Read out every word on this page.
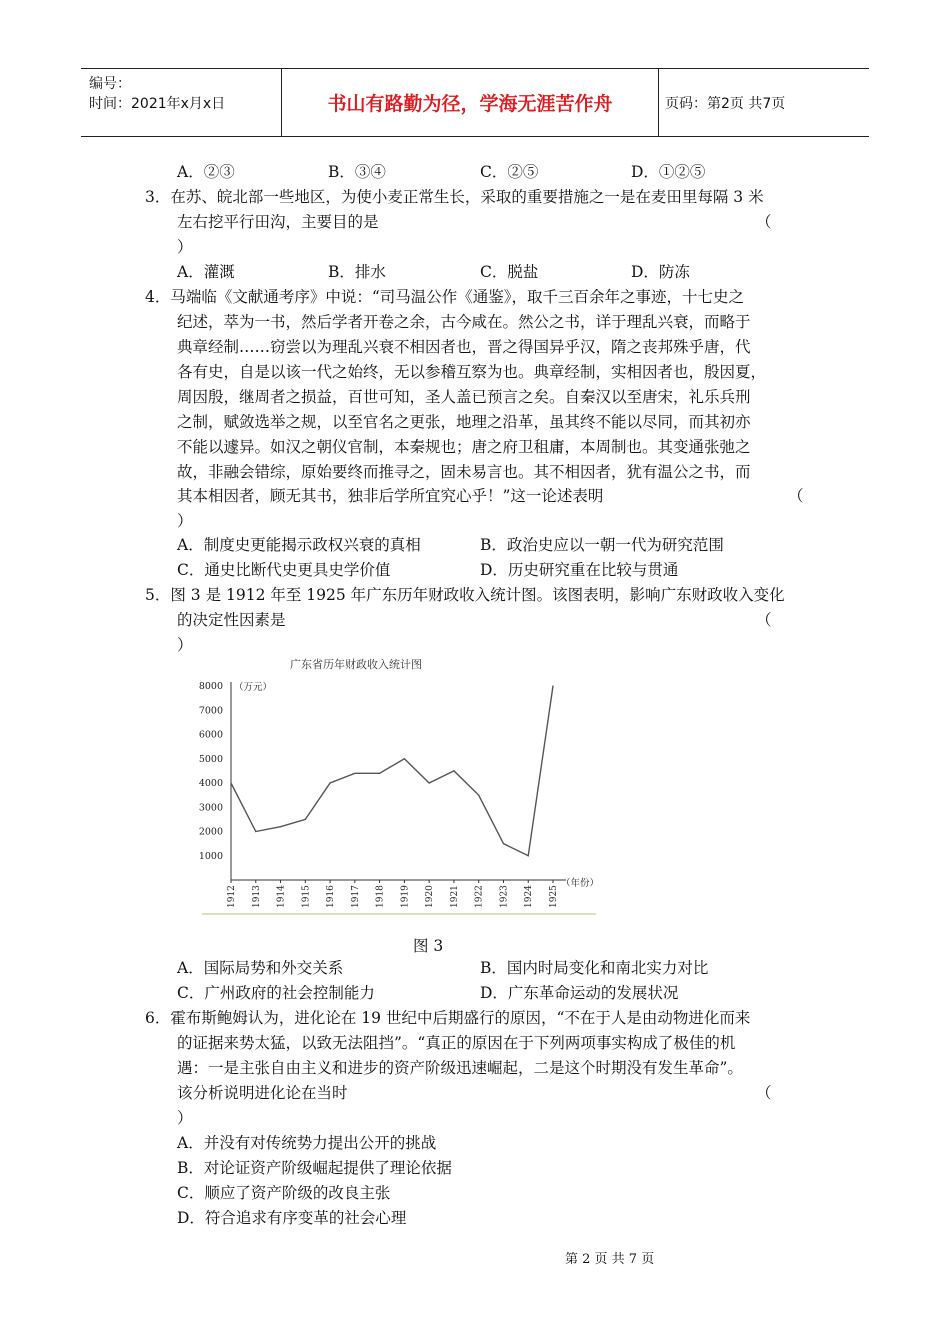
编号：
时间：2021年x月x日	书山有路勤为径，学海无涯苦作舟	页码：第2页 共7页
A．②③	B．③④	C．②⑤	D．①②⑤
3．在苏、皖北部一些地区，为使小麦正常生长，采取的重要措施之一是在麦田里每隔 3 米
左右挖平行田沟，主要目的是	（
）
A．灌溉	B．排水	C．脱盐	D．防冻
4．马端临《文献通考序》中说：“司马温公作《通鉴》，取千三百余年之事迹，十七史之
纪述，萃为一书，然后学者开卷之余，古今咸在。然公之书，详于理乱兴衰，而略于
典章经制……窃尝以为理乱兴衰不相因者也，晋之得国异乎汉，隋之丧邦殊乎唐，代
各有史，自是以该一代之始终，无以参稽互察为也。典章经制，实相因者也，殷因夏，
周因殷，继周者之损益，百世可知，圣人盖已预言之矣。自秦汉以至唐宋，礼乐兵刑
之制，赋敛选举之规，以至官名之更张，地理之沿革，虽其终不能以尽同，而其初亦
不能以遽异。如汉之朝仪官制，本秦规也；唐之府卫租庸，本周制也。其变通张弛之
故，非融会错综，原始要终而推寻之，固未易言也。其不相因者，犹有温公之书，而
其本相因者，顾无其书，独非后学所宜究心乎！”这一论述表明	（
）
A．制度史更能揭示政权兴衰的真相	B．政治史应以一朝一代为研究范围
C．通史比断代史更具史学价值	D．历史研究重在比较与贯通
5．图 3 是 1912 年至 1925 年广东历年财政收入统计图。该图表明，影响广东财政收入变化
的决定性因素是	（
）
广东省历年财政收入统计图
（万元）
（年份）
1000
2000
3000
4000
5000
6000
7000
8000
1912 1913 1914 1915 1916 1917 1918 1919 1920 1921 1922 1923 1924 1925
图 3
A．国际局势和外交关系	B．国内时局变化和南北实力对比
C．广州政府的社会控制能力	D．广东革命运动的发展状况
6．霍布斯鲍姆认为，进化论在 19 世纪中后期盛行的原因，“不在于人是由动物进化而来
的证据来势太猛，以致无法阻挡”。“真正的原因在于下列两项事实构成了极佳的机
遇：一是主张自由主义和进步的资产阶级迅速崛起，二是这个时期没有发生革命”。
该分析说明进化论在当时	（
）
A．并没有对传统势力提出公开的挑战
B．对论证资产阶级崛起提供了理论依据
C．顺应了资产阶级的改良主张
D．符合追求有序变革的社会心理
第 2 页 共 7 页
